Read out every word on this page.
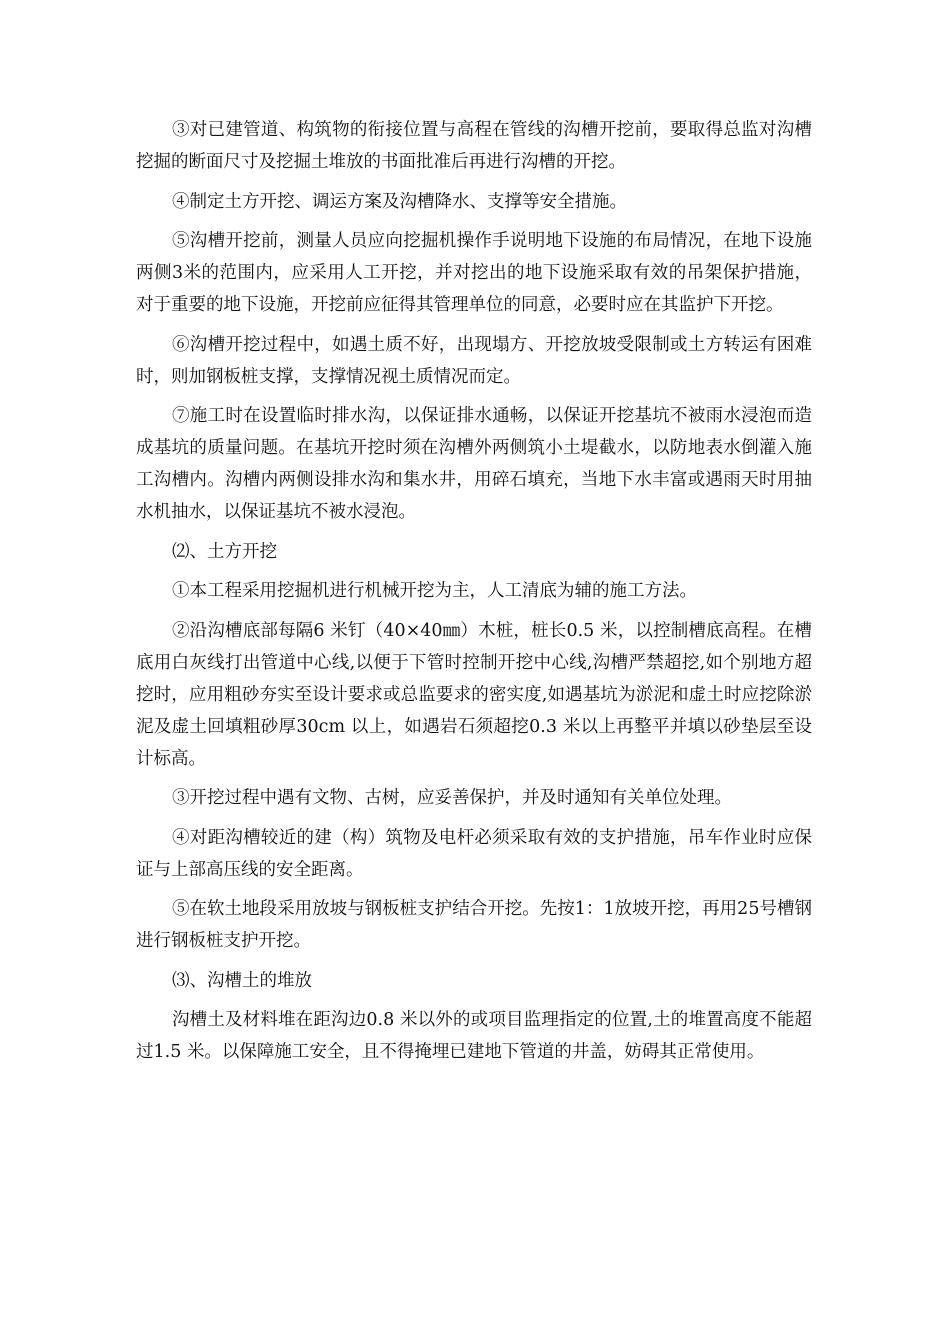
③对已建管道、构筑物的衔接位置与高程在管线的沟槽开挖前，要取得总监对沟槽挖掘的断面尺寸及挖掘土堆放的书面批准后再进行沟槽的开挖。

④制定土方开挖、调运方案及沟槽降水、支撑等安全措施。

⑤沟槽开挖前，测量人员应向挖掘机操作手说明地下设施的布局情况，在地下设施两侧3米的范围内，应采用人工开挖，并对挖出的地下设施采取有效的吊架保护措施，对于重要的地下设施，开挖前应征得其管理单位的同意，必要时应在其监护下开挖。

⑥沟槽开挖过程中，如遇土质不好，出现塌方、开挖放坡受限制或土方转运有困难时，则加钢板桩支撑，支撑情况视土质情况而定。

⑦施工时在设置临时排水沟，以保证排水通畅，以保证开挖基坑不被雨水浸泡而造成基坑的质量问题。在基坑开挖时须在沟槽外两侧筑小土堤截水，以防地表水倒灌入施工沟槽内。沟槽内两侧设排水沟和集水井，用碎石填充，当地下水丰富或遇雨天时用抽水机抽水，以保证基坑不被水浸泡。

⑵、土方开挖

①本工程采用挖掘机进行机械开挖为主，人工清底为辅的施工方法。

②沿沟槽底部每隔6 米钉（40×40㎜）木桩，桩长0.5 米，以控制槽底高程。在槽底用白灰线打出管道中心线,以便于下管时控制开挖中心线,沟槽严禁超挖,如个别地方超挖时，应用粗砂夯实至设计要求或总监要求的密实度,如遇基坑为淤泥和虚土时应挖除淤泥及虚土回填粗砂厚30cm 以上，如遇岩石须超挖0.3 米以上再整平并填以砂垫层至设计标高。

③开挖过程中遇有文物、古树，应妥善保护，并及时通知有关单位处理。

④对距沟槽较近的建（构）筑物及电杆必须采取有效的支护措施，吊车作业时应保证与上部高压线的安全距离。

⑤在软土地段采用放坡与钢板桩支护结合开挖。先按1：1放坡开挖，再用25号槽钢进行钢板桩支护开挖。

⑶、沟槽土的堆放

沟槽土及材料堆在距沟边0.8 米以外的或项目监理指定的位置,土的堆置高度不能超过1.5 米。以保障施工安全，且不得掩埋已建地下管道的井盖，妨碍其正常使用。
